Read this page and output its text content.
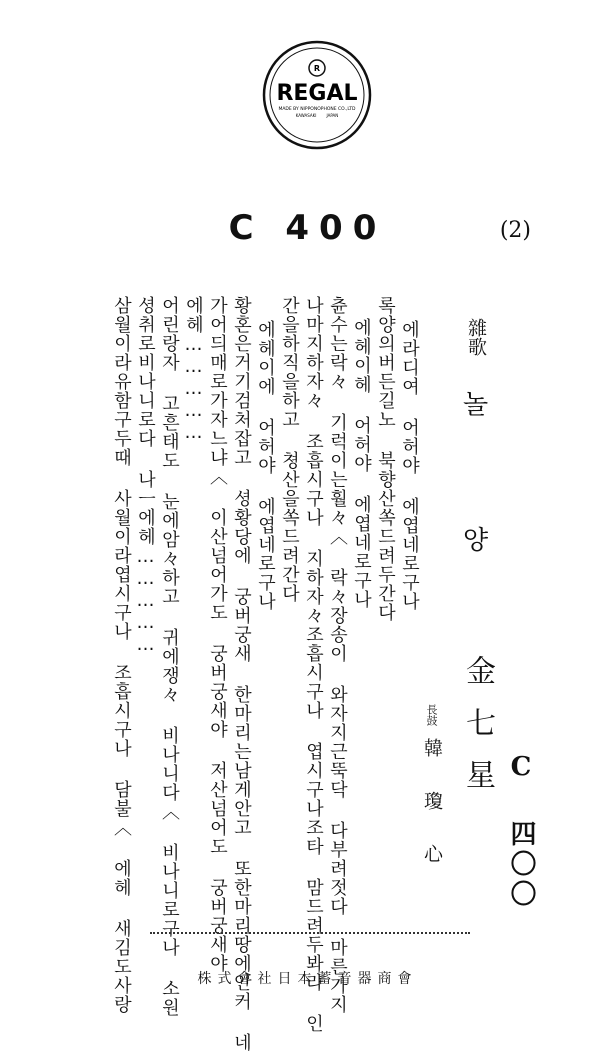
R
REGAL
MADE BY NIPPONOPHONE CO.,LTD
KAWASAKI        JAPAN
C 400	(2)
雜歌
놀 양
金七星
長鼓
韓 瓊 心 C 四〇〇
에라디여 어허야 에엽네로구나
록양의버든길노 북향산쏙드려두간다
에헤이헤 어허야 에엽네로구나
츈수는락々 기럭이는훨々〈 락々장송이 와자지근뚝닥 다부려젓다 마른가지
나마지하자々 조흡시구나 지하자々조흡시구나 엽시구나조타 맘드려두봐라 인
간을하직을하고 쳥산을쏙드려간다
에헤이에 어허야 에엽네로구나
황혼은거기검처잡고 셩황당에 궁버궁새 한마리는남게안고 또한마리땅에안커 네
가어듸매로가자느냐〈 이산넘어가도 궁버궁새야 저산넘어도 궁버궁새야
에헤……………
어린랑자 고흔태도 눈에암々하고 귀에쟁々 비나니다〈 비나니로구나 소원
셩취로비나니로다 나ㅡ에헤……………
삼월이라유함구두때 사월이라엽시구나 조흡시구나 담불〈 에헤 새김도사랑	株式會社日本蓄音器商會
